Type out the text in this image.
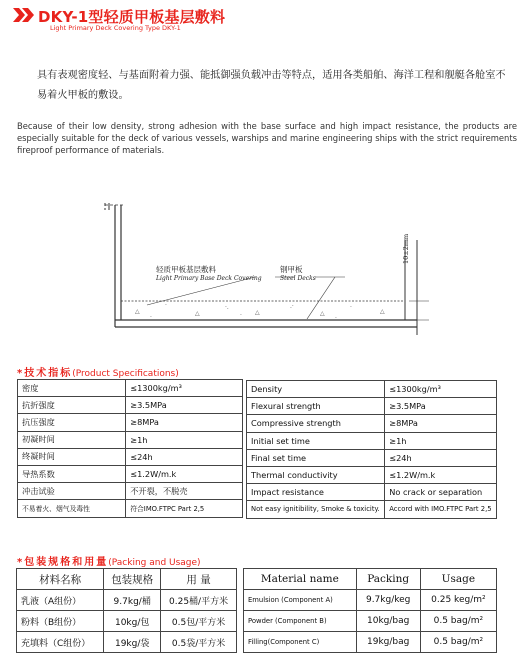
DKY-1型轻质甲板基层敷料
Light Primary Deck Covering Type DKY-1
具有表观密度轻、与基面附着力强、能抵御强负载冲击等特点，适用各类船舶、海洋工程和舰艇各舱室不易着火甲板的敷设。
Because of their low density, strong adhesion with the base surface and high impact resistance, the products are especially suitable for the deck of various vessels, warships and marine engineering ships with the strict requirements fireproof performance of materials.
△
·
△
·.
△
.·
△
·
△
.	·	.
轻质甲板基层敷料
Light Primary Base Deck Covering
钢甲板
Steel Decks
10±2mm
*技术指标(Product Specifications)
密度	≤1300kg/m³
抗折强度	≥3.5MPa
抗压强度	≥8MPa
初凝时间	≥1h
终凝时间	≤24h
导热系数	≤1.2W/m.k
冲击试验	不开裂，不脱壳
不易着火、烟气及毒性	符合IMO.FTPC Part 2,5
Density	≤1300kg/m³
Flexural strength	≥3.5MPa
Compressive strength	≥8MPa
Initial set time	≥1h
Final set time	≤24h
Thermal conductivity	≤1.2W/m.k
Impact resistance	No crack or separation
Not easy ignitibility, Smoke & toxicity.	Accord with IMO.FTPC Part 2,5
*包装规格和用量(Packing and Usage)
材料名称	包装规格	用 量
乳液（A组份）	9.7kg/桶	0.25桶/平方米
粉料（B组份）	10kg/包	0.5包/平方米
充填料（C组份）	19kg/袋	0.5袋/平方米
Material name	Packing	Usage
Emulsion (Component A)	9.7kg/keg	0.25 keg/m²
Powder (Component B)	10kg/bag	0.5 bag/m²
Filling(Component C)	19kg/bag	0.5 bag/m²
